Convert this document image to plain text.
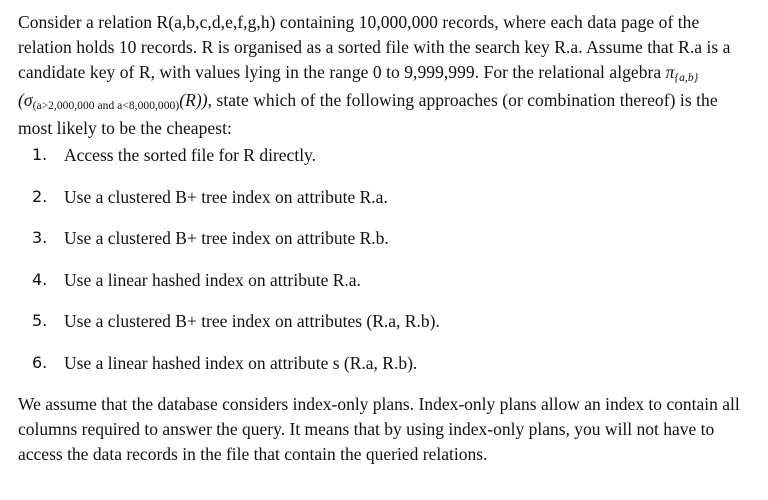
Consider a relation R(a,b,c,d,e,f,g,h) containing 10,000,000 records, where each data page of the relation holds 10 records. R is organised as a sorted file with the search key R.a. Assume that R.a is a candidate key of R, with values lying in the range 0 to 9,999,999. For the relational algebra π{a,b}(σ(a>2,000,000 and a<8,000,000)(R)), state which of the following approaches (or combination thereof) is the most likely to be the cheapest:

1. Access the sorted file for R directly.
2. Use a clustered B+ tree index on attribute R.a.
3. Use a clustered B+ tree index on attribute R.b.
4. Use a linear hashed index on attribute R.a.
5. Use a clustered B+ tree index on attributes (R.a, R.b).
6. Use a linear hashed index on attribute s (R.a, R.b).

We assume that the database considers index-only plans. Index-only plans allow an index to contain all columns required to answer the query. It means that by using index-only plans, you will not have to access the data records in the file that contain the queried relations.
